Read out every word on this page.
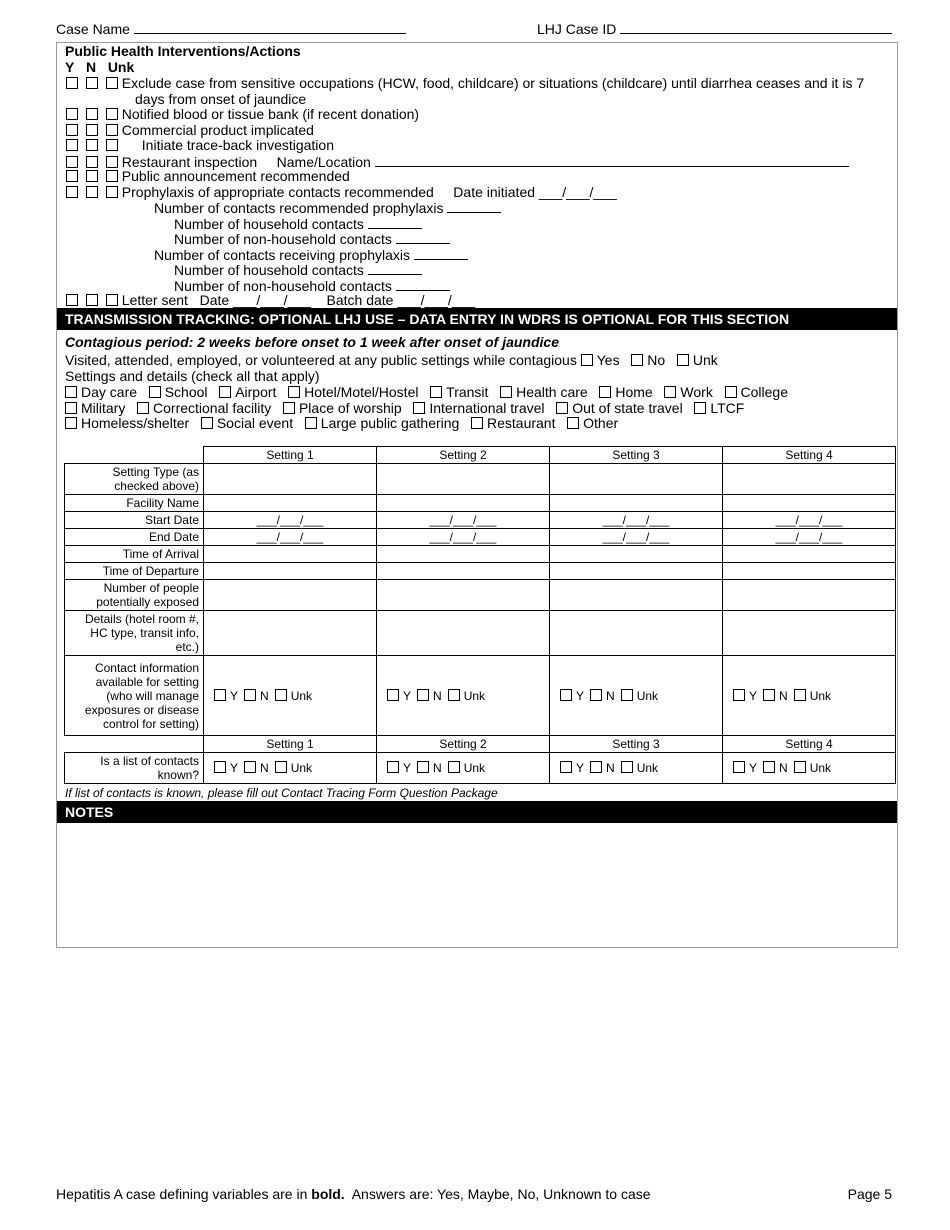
Case Name	LHJ Case ID
Public Health Interventions/Actions
Y N Unk
Exclude case from sensitive occupations (HCW, food, childcare) or situations (childcare) until diarrhea ceases and it is 7
days from onset of jaundice
Notified blood or tissue bank (if recent donation)
Commercial product implicated
Initiate trace-back investigation
Restaurant inspection Name/Location
Public announcement recommended
Prophylaxis of appropriate contacts recommended Date initiated ___/___/___
Number of contacts recommended prophylaxis
Number of household contacts
Number of non-household contacts
Number of contacts receiving prophylaxis
Number of household contacts
Number of non-household contacts
Letter sent Date ___/___/___ Batch date ___/___/___
TRANSMISSION TRACKING: OPTIONAL LHJ USE – DATA ENTRY IN WDRS IS OPTIONAL FOR THIS SECTION
Contagious period: 2 weeks before onset to 1 week after onset of jaundice
Visited, attended, employed, or volunteered at any public settings while contagious Yes No Unk
Settings and details (check all that apply)
Day care School Airport Hotel/Motel/Hostel Transit Health care Home Work College
Military Correctional facility Place of worship International travel Out of state travel LTCF
Homeless/shelter Social event Large public gathering Restaurant Other
	Setting 1	Setting 2	Setting 3	Setting 4
Setting Type (as checked above)				
Facility Name				
Start Date	___/___/___	___/___/___	___/___/___	___/___/___
End Date	___/___/___	___/___/___	___/___/___	___/___/___
Time of Arrival				
Time of Departure				
Number of people potentially exposed				
Details (hotel room #, HC type, transit info, etc.)				
Contact information available for setting (who will manage exposures or disease control for setting)	Y N Unk	Y N Unk	Y N Unk	Y N Unk
	Setting 1	Setting 2	Setting 3	Setting 4
Is a list of contacts known?	Y N Unk	Y N Unk	Y N Unk	Y N Unk
If list of contacts is known, please fill out Contact Tracing Form Question Package
NOTES
Hepatitis A case defining variables are in bold.  Answers are: Yes, Maybe, No, Unknown to case	Page 5
